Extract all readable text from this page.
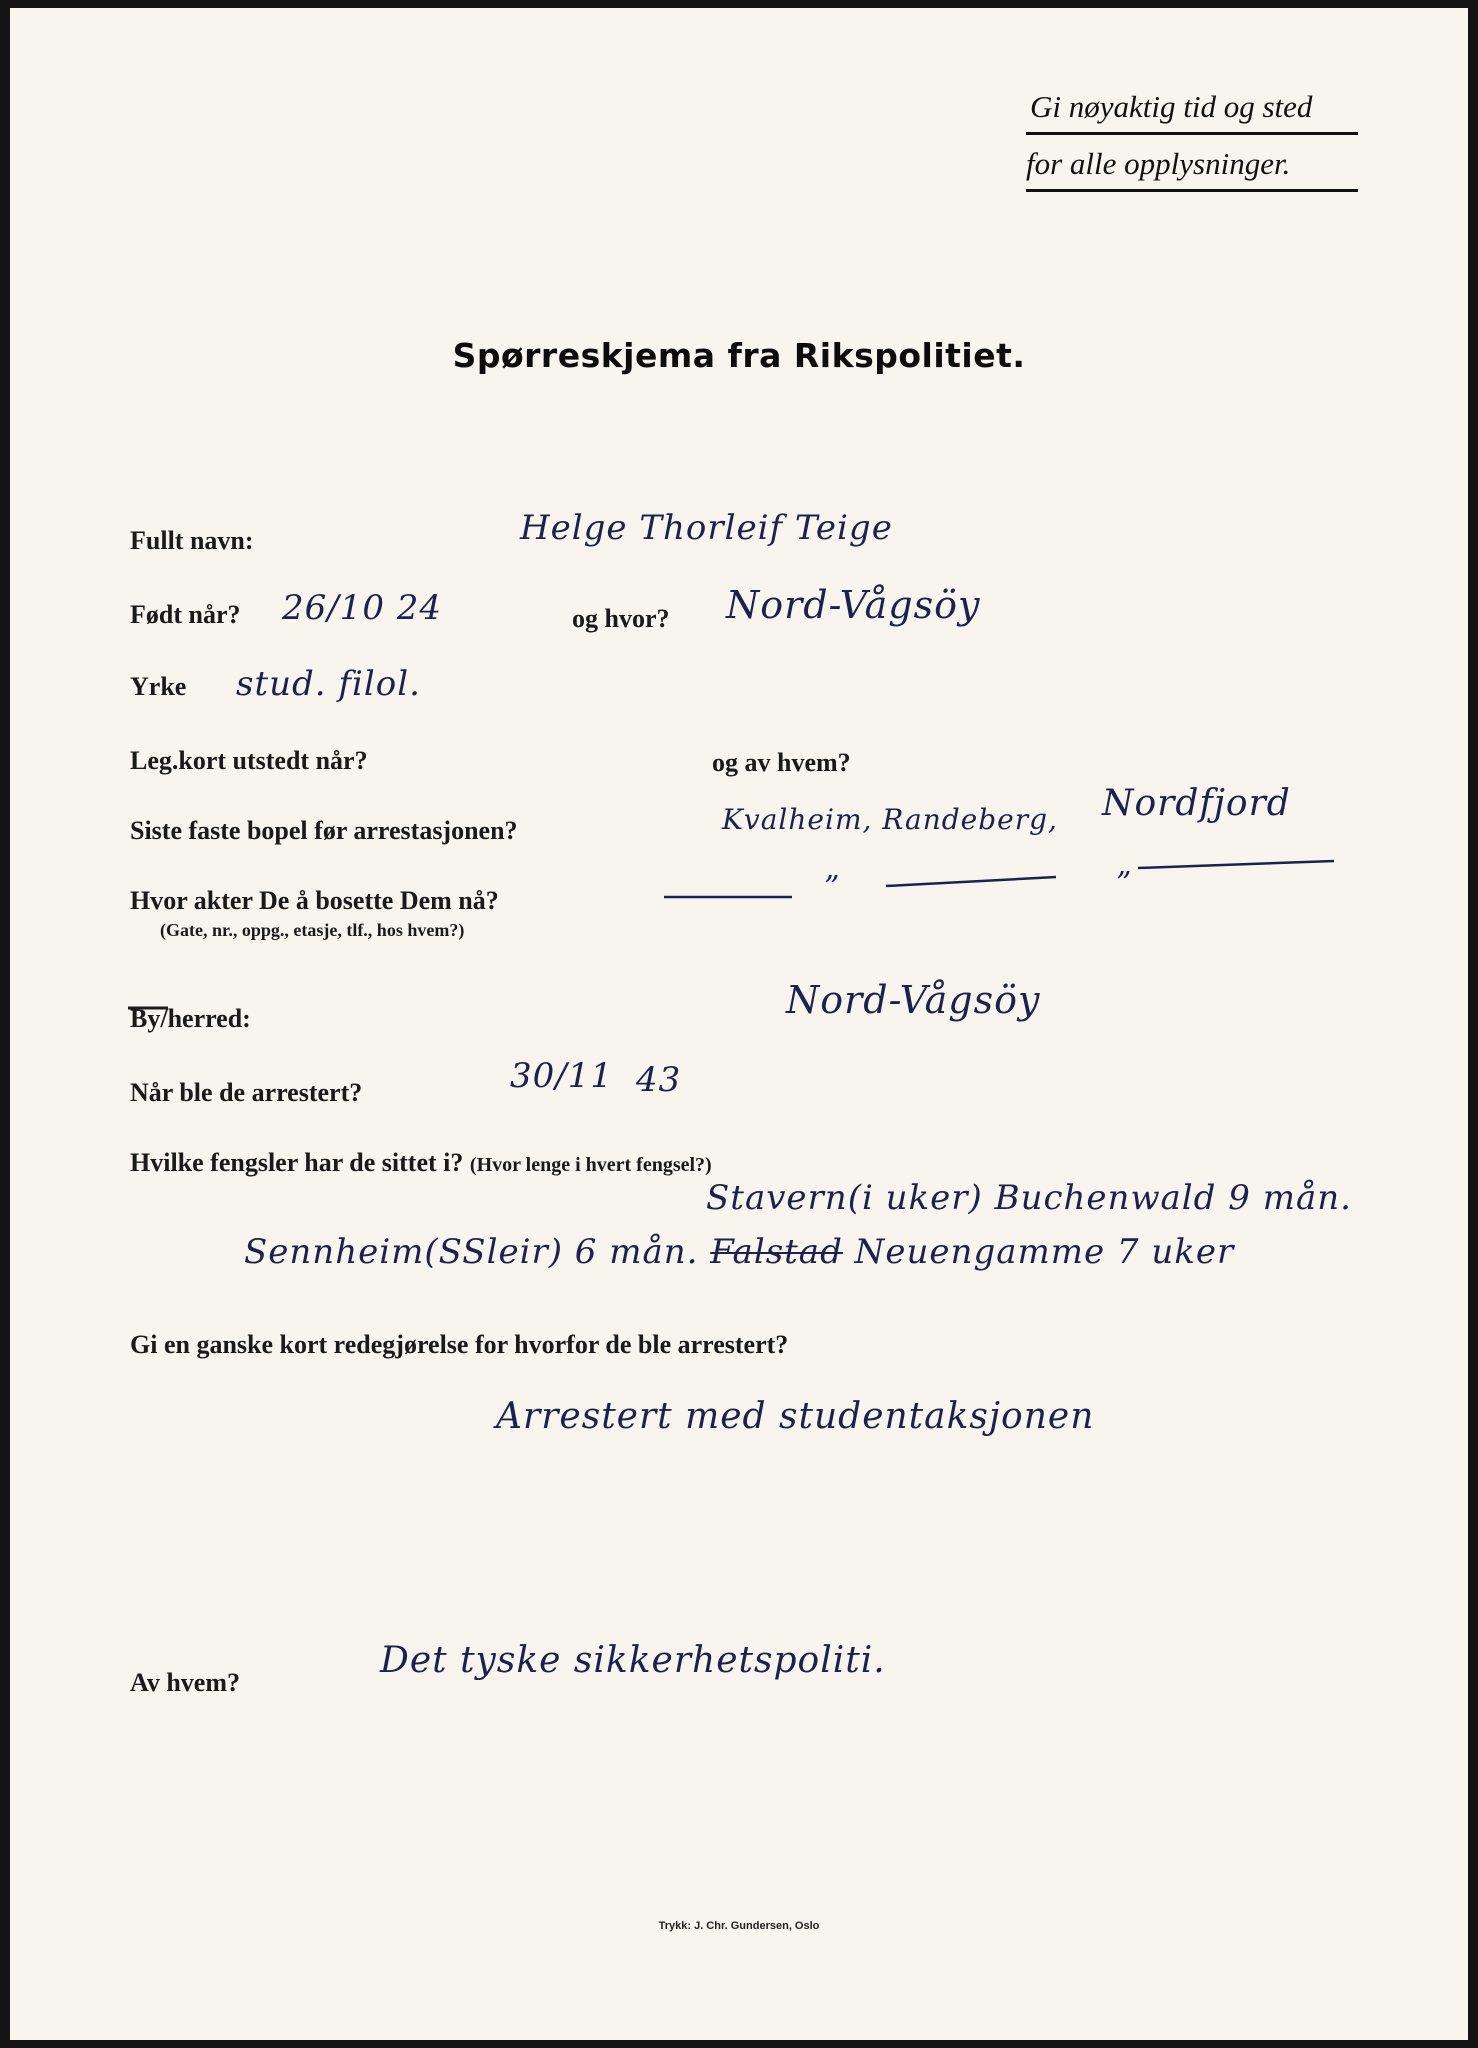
Gi nøyaktig tid og sted
for alle opplysninger.
Spørreskjema fra Rikspolitiet.
Fullt navn:	Helge Thorleif Teige
Født når? 26/10 24	og hvor? Nord-Vågsöy
Yrke stud. filol.
Leg.kort utstedt når?	og av hvem?
Siste faste bopel før arrestasjonen?	Kvalheim, Randeberg, Nordfjord
Hvor akter De å bosette Dem nå?
(Gate, nr., oppg., etasje, tlf., hos hvem?)
”	”
By/herred:	Nord-Vågsöy
Når ble de arrestert?	30/11 43
Hvilke fengsler har de sittet i? (Hvor lenge i hvert fengsel?)
Stavern(i uker) Buchenwald 9 mån.
Sennheim(SSleir) 6 mån. Falstad Neuengamme 7 uker
Gi en ganske kort redegjørelse for hvorfor de ble arrestert?
Arrestert med studentaksjonen
Av hvem?
Det tyske sikkerhetspoliti.
Trykk: J. Chr. Gundersen, Oslo
